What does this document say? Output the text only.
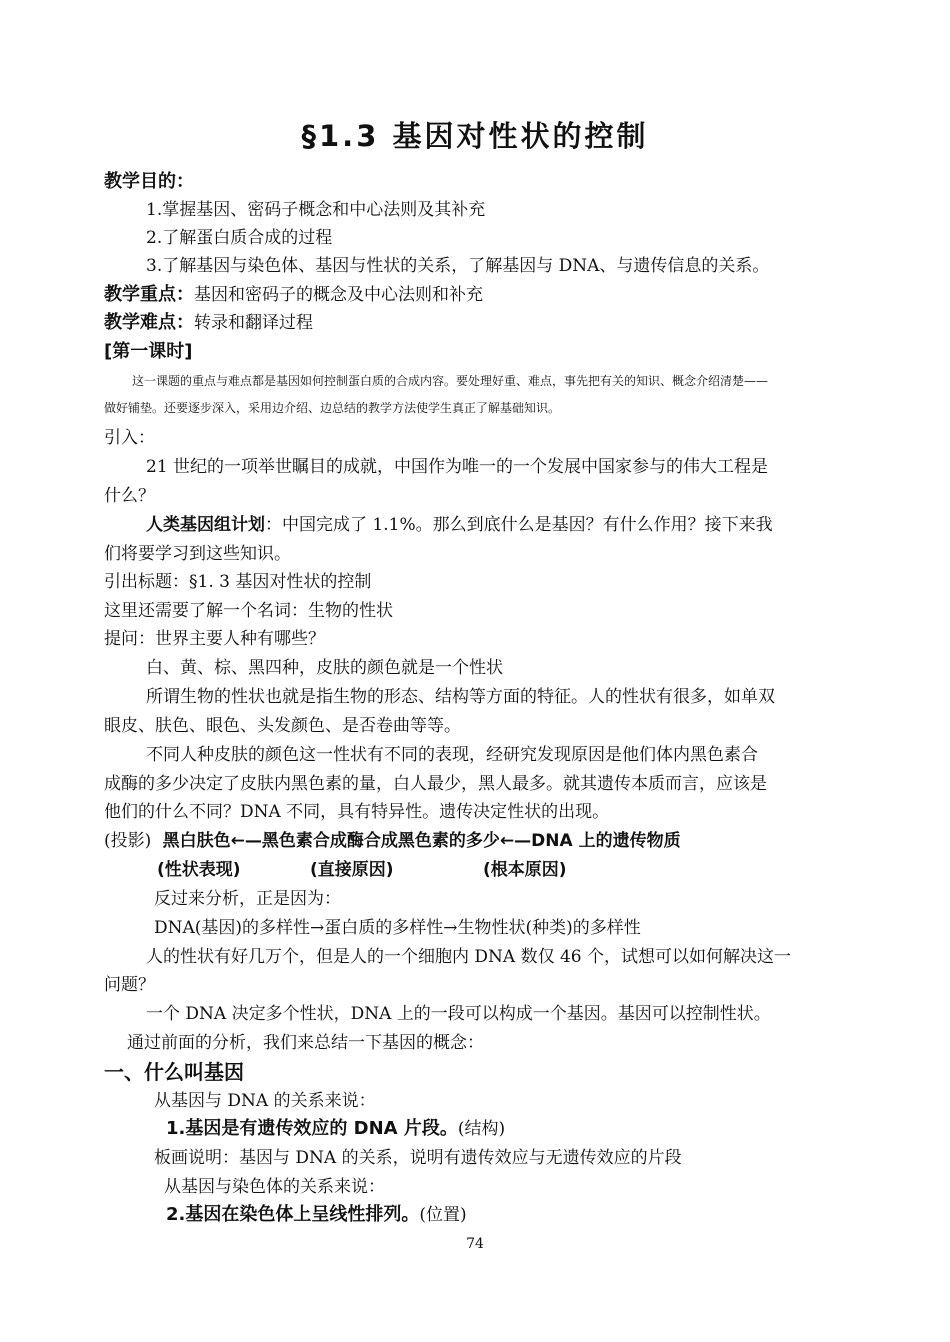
§1.3 基因对性状的控制
教学目的：
1.掌握基因、密码子概念和中心法则及其补充
2.了解蛋白质合成的过程
3.了解基因与染色体、基因与性状的关系，了解基因与 DNA、与遗传信息的关系。
教学重点：基因和密码子的概念及中心法则和补充
教学难点：转录和翻译过程
[第一课时]
这一课题的重点与难点都是基因如何控制蛋白质的合成内容。要处理好重、难点，事先把有关的知识、概念介绍清楚——
做好铺垫。还要逐步深入，采用边介绍、边总结的教学方法使学生真正了解基础知识。
引入：
21 世纪的一项举世瞩目的成就，中国作为唯一的一个发展中国家参与的伟大工程是
什么？
人类基因组计划：中国完成了 1.1%。那么到底什么是基因？有什么作用？接下来我
们将要学习到这些知识。
引出标题：§1. 3 基因对性状的控制
这里还需要了解一个名词：生物的性状
提问：世界主要人种有哪些？
白、黄、棕、黑四种，皮肤的颜色就是一个性状
所谓生物的性状也就是指生物的形态、结构等方面的特征。人的性状有很多，如单双
眼皮、肤色、眼色、头发颜色、是否卷曲等等。
不同人种皮肤的颜色这一性状有不同的表现，经研究发现原因是他们体内黑色素合
成酶的多少决定了皮肤内黑色素的量，白人最少，黑人最多。就其遗传本质而言，应该是
他们的什么不同？DNA 不同，具有特异性。遗传决定性状的出现。
(投影) 黑白肤色←—黑色素合成酶合成黑色素的多少←—DNA 上的遗传物质
(性状表现)	(直接原因)	(根本原因)
反过来分析，正是因为：
DNA(基因)的多样性→蛋白质的多样性→生物性状(种类)的多样性
人的性状有好几万个，但是人的一个细胞内 DNA 数仅 46 个，试想可以如何解决这一
问题？
一个 DNA 决定多个性状，DNA 上的一段可以构成一个基因。基因可以控制性状。
通过前面的分析，我们来总结一下基因的概念：
一、什么叫基因
从基因与 DNA 的关系来说：
1.基因是有遗传效应的 DNA 片段。(结构)
板画说明：基因与 DNA 的关系，说明有遗传效应与无遗传效应的片段
从基因与染色体的关系来说：
2.基因在染色体上呈线性排列。(位置)
74
